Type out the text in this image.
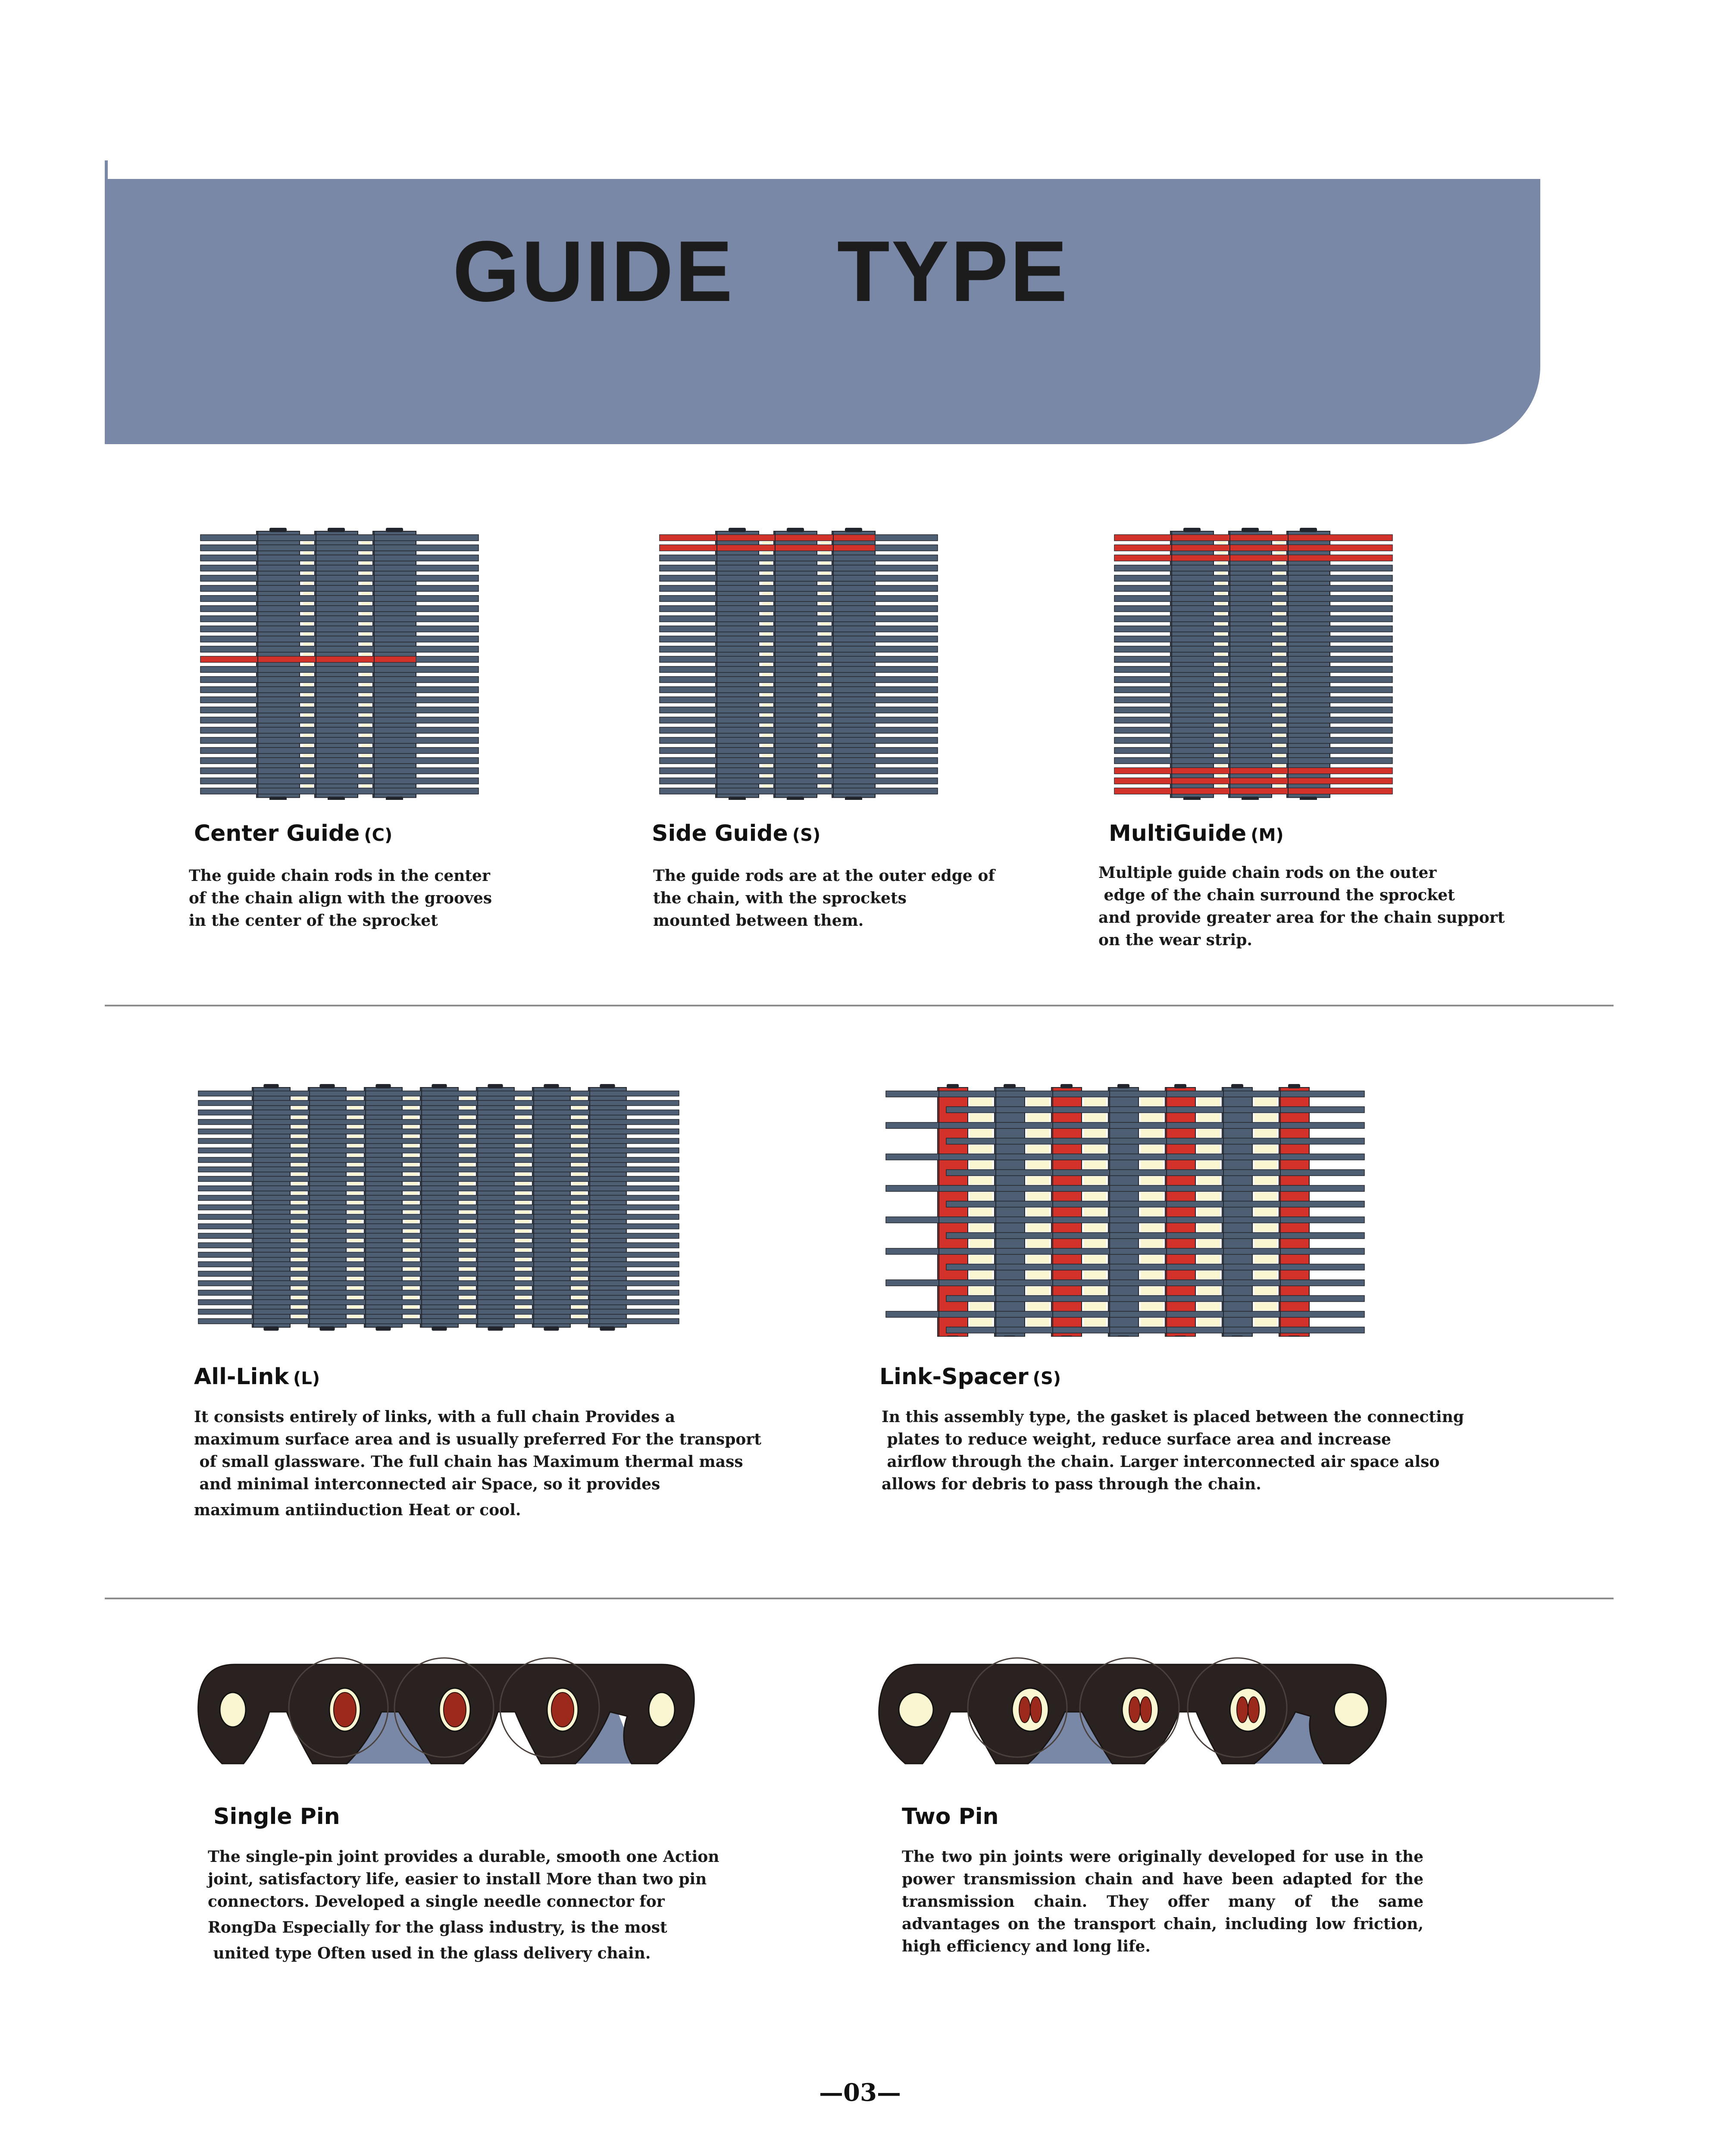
GUIDE    TYPE
Center Guide (C)	Side Guide (S)	MultiGuide (M)
The guide chain rods in the center
of the chain align with the grooves
in the center of the sprocket
The guide rods are at the outer edge of
the chain, with the sprockets
mounted between them.
Multiple guide chain rods on the outer
edge of the chain surround the sprocket
and provide greater area for the chain support
on the wear strip.
All-Link (L)	Link-Spacer (S)
It consists entirely of links, with a full chain Provides a
maximum surface area and is usually preferred For the transport
of small glassware. The full chain has Maximum thermal mass
and minimal interconnected air Space, so it provides
maximum antiinduction Heat or cool.
In this assembly type, the gasket is placed between the connecting
plates to reduce weight, reduce surface area and increase
airflow through the chain. Larger interconnected air space also
allows for debris to pass through the chain.
Single Pin	Two Pin
The single-pin joint provides a durable, smooth one Action
joint, satisfactory life, easier to install More than two pin
connectors. Developed a single needle connector for
RongDa Especially for the glass industry, is the most
united type Often used in the glass delivery chain.
The two pin joints were originally developed for use in the
power transmission chain and have been adapted for the
transmission chain. They offer many of the same
advantages on the transport chain, including low friction,
high efficiency and long life.

—03—
